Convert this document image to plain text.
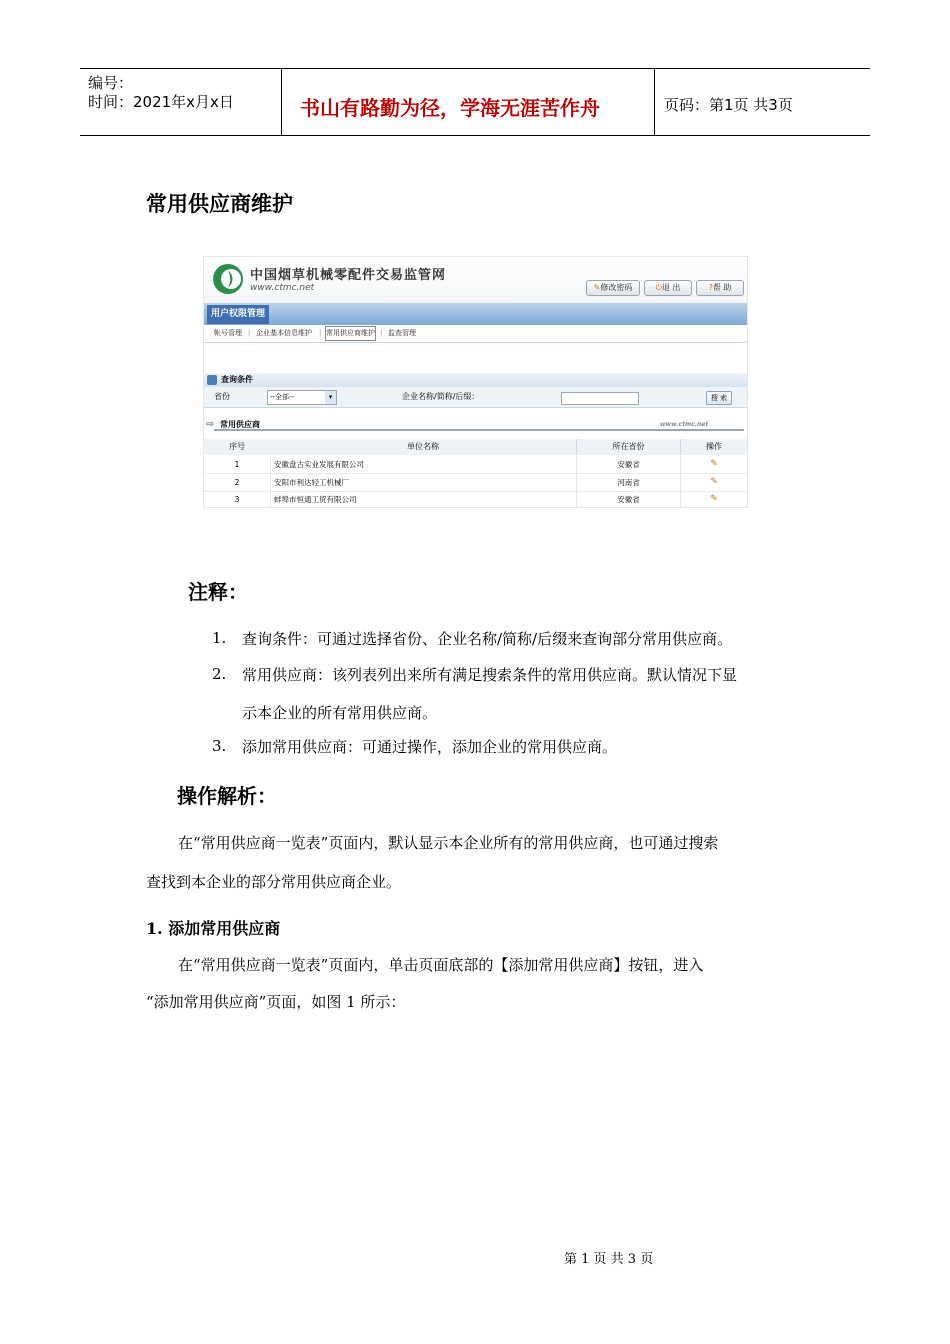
编号：
时间：2021年x月x日	书山有路勤为径，学海无涯苦作舟	页码：第1页 共3页
常用供应商维护
中国烟草机械零配件交易监管网
www.ctmc.net	✎修改密码	⏻退 出	?帮 助
用户权限管理
帐号管理 | 企业基本信息维护 | 常用供应商维护 | 监查管理
查询条件
省份	--全部--	▾	企业名称/简称/后缀：	搜 索
⇨ 常用供应商	www.ctmc.net
序号	单位名称	所在省份	操作
1	安徽盘古实业发展有限公司	安徽省	✎
2	安阳市利达轻工机械厂	河南省	✎
3	蚌埠市恒通工贸有限公司	安徽省	✎
注释：
1. 查询条件：可通过选择省份、企业名称/简称/后缀来查询部分常用供应商。
2. 常用供应商：该列表列出来所有满足搜索条件的常用供应商。默认情况下显
示本企业的所有常用供应商。
3. 添加常用供应商：可通过操作，添加企业的常用供应商。
操作解析：
在“常用供应商一览表”页面内，默认显示本企业所有的常用供应商，也可通过搜索
查找到本企业的部分常用供应商企业。
1. 添加常用供应商
在“常用供应商一览表”页面内，单击页面底部的【添加常用供应商】按钮，进入
“添加常用供应商”页面，如图 1 所示：
第 1 页 共 3 页
